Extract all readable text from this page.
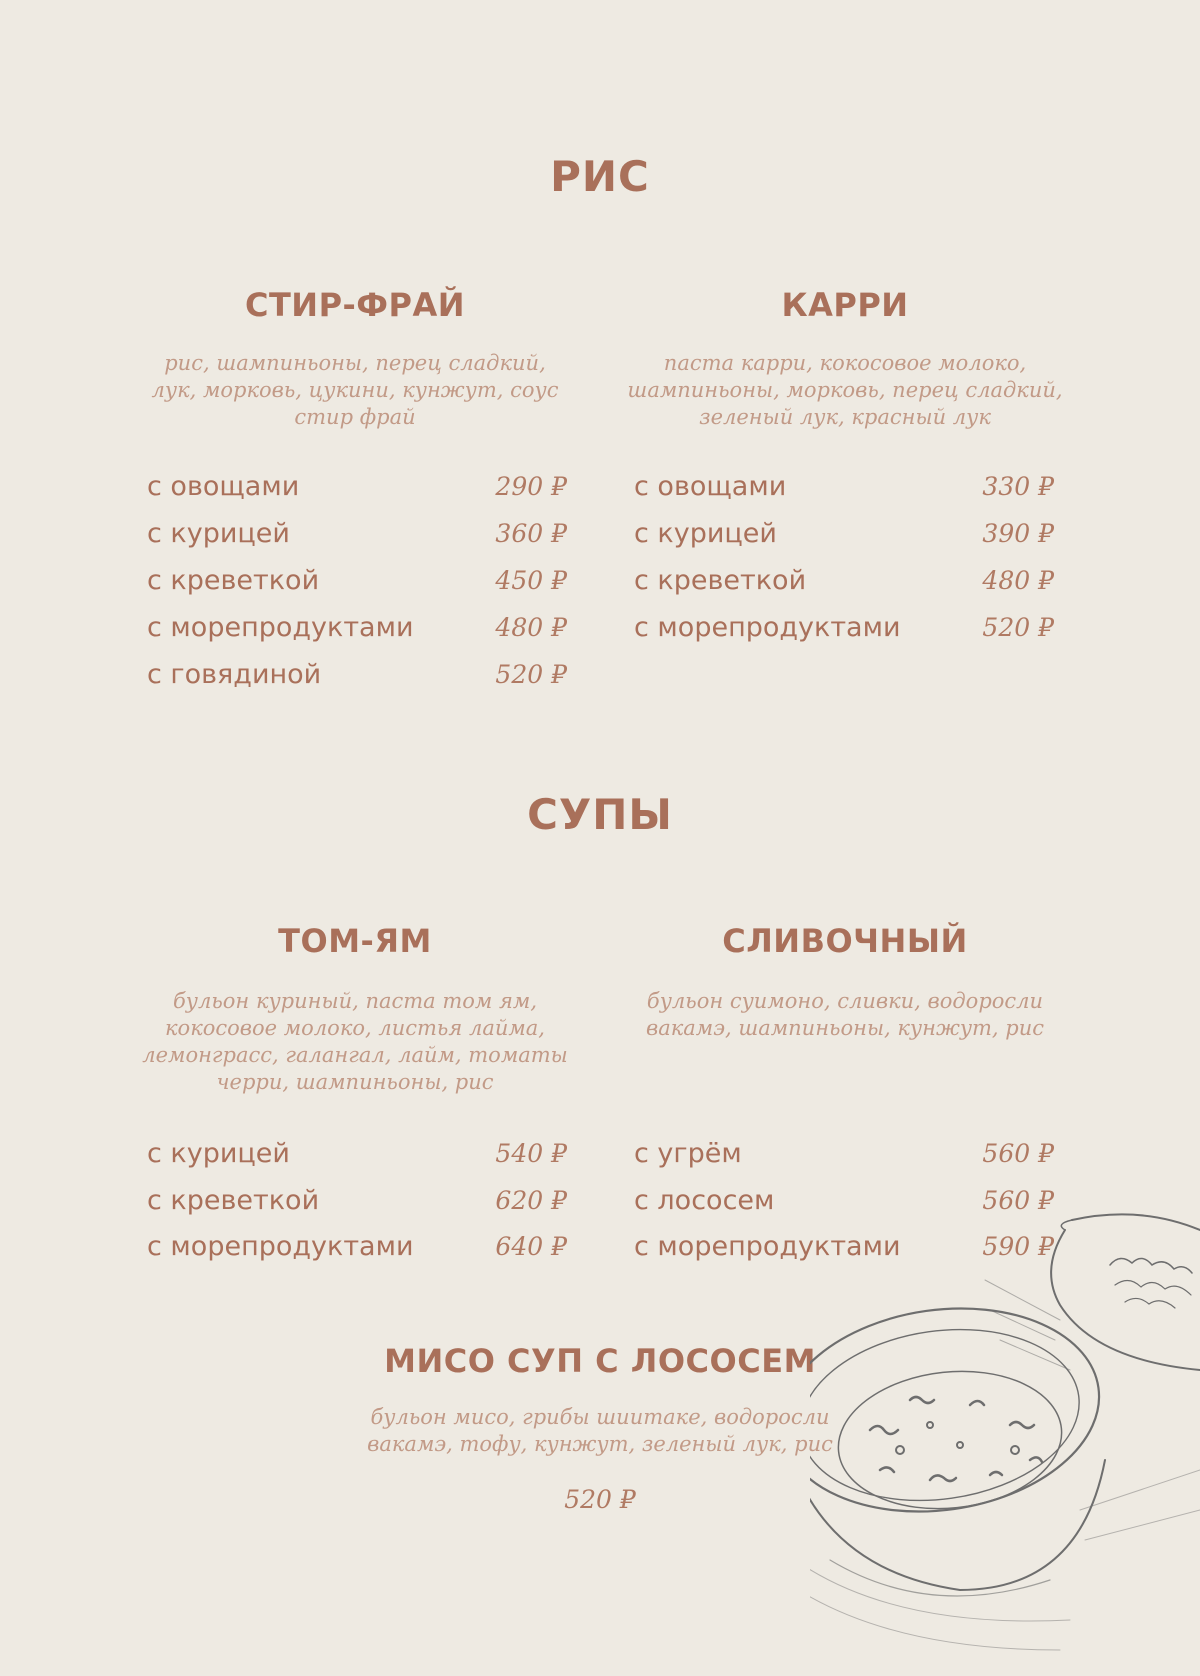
РИС
СТИР-ФРАЙ

рис, шампиньоны, перец сладкий,
лук, морковь, цукини, кунжут, соус
стир фрай

с овощами	290 ₽
с курицей	360 ₽
с креветкой	450 ₽
с морепродуктами	480 ₽
с говядиной	520 ₽
КАРРИ

паста карри, кокосовое молоко,
шампиньоны, морковь, перец сладкий,
зеленый лук, красный лук

с овощами	330 ₽
с курицей	390 ₽
с креветкой	480 ₽
с морепродуктами	520 ₽
СУПЫ
ТОМ-ЯМ

бульон куриный, паста том ям,
кокосовое молоко, листья лайма,
лемонграсс, галангал, лайм, томаты
черри, шампиньоны, рис

с курицей	540 ₽
с креветкой	620 ₽
с морепродуктами	640 ₽
СЛИВОЧНЫЙ

бульон суимоно, сливки, водоросли
вакамэ, шампиньоны, кунжут, рис

с угрём	560 ₽
с лососем	560 ₽
с морепродуктами	590 ₽
МИСО СУП С ЛОСОСЕМ

бульон мисо, грибы шиитаке, водоросли
вакамэ, тофу, кунжут, зеленый лук, рис

520 ₽
